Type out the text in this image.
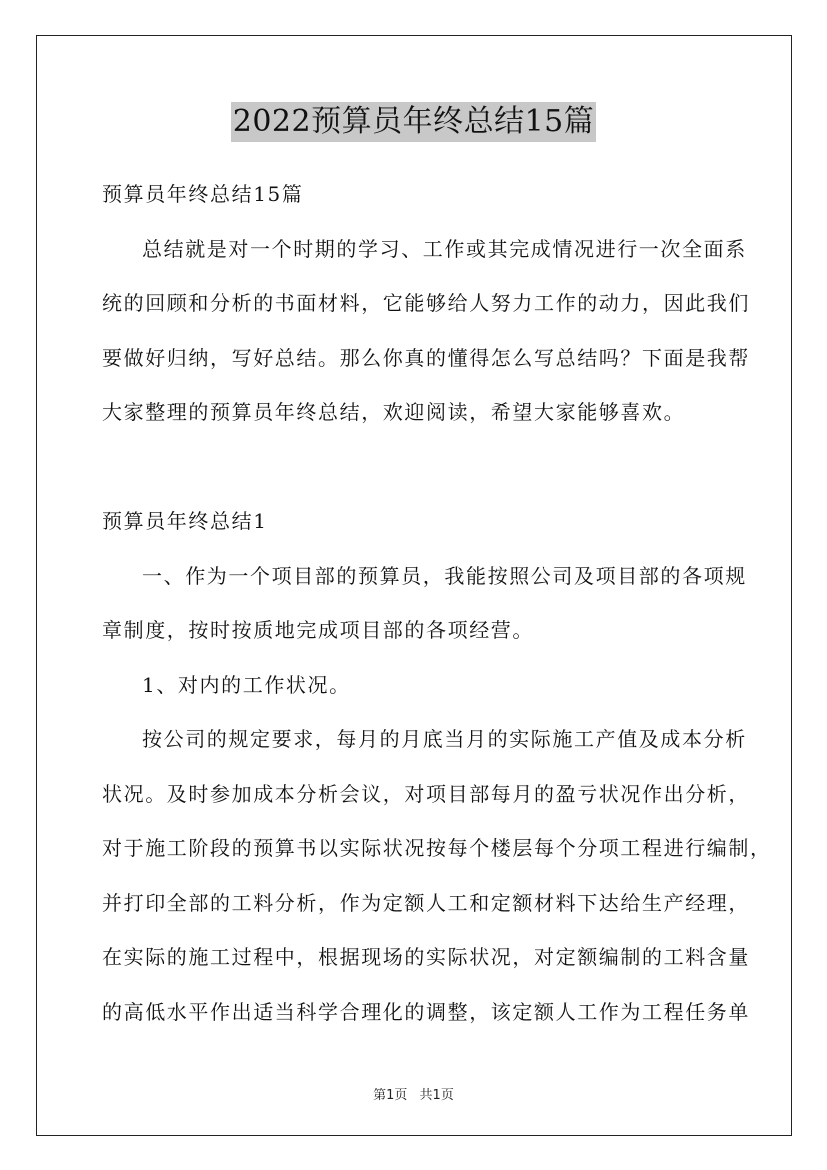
2022预算员年终总结15篇
预算员年终总结15篇
总结就是对一个时期的学习、工作或其完成情况进行一次全面系
统的回顾和分析的书面材料，它能够给人努力工作的动力，因此我们
要做好归纳，写好总结。那么你真的懂得怎么写总结吗？下面是我帮
大家整理的预算员年终总结，欢迎阅读，希望大家能够喜欢。
预算员年终总结1
一、作为一个项目部的预算员，我能按照公司及项目部的各项规
章制度，按时按质地完成项目部的各项经营。
1、对内的工作状况。
按公司的规定要求，每月的月底当月的实际施工产值及成本分析
状况。及时参加成本分析会议，对项目部每月的盈亏状况作出分析，
对于施工阶段的预算书以实际状况按每个楼层每个分项工程进行编制，
并打印全部的工料分析，作为定额人工和定额材料下达给生产经理，
在实际的施工过程中，根据现场的实际状况，对定额编制的工料含量
的高低水平作出适当科学合理化的调整，该定额人工作为工程任务单
第1页 共1页
